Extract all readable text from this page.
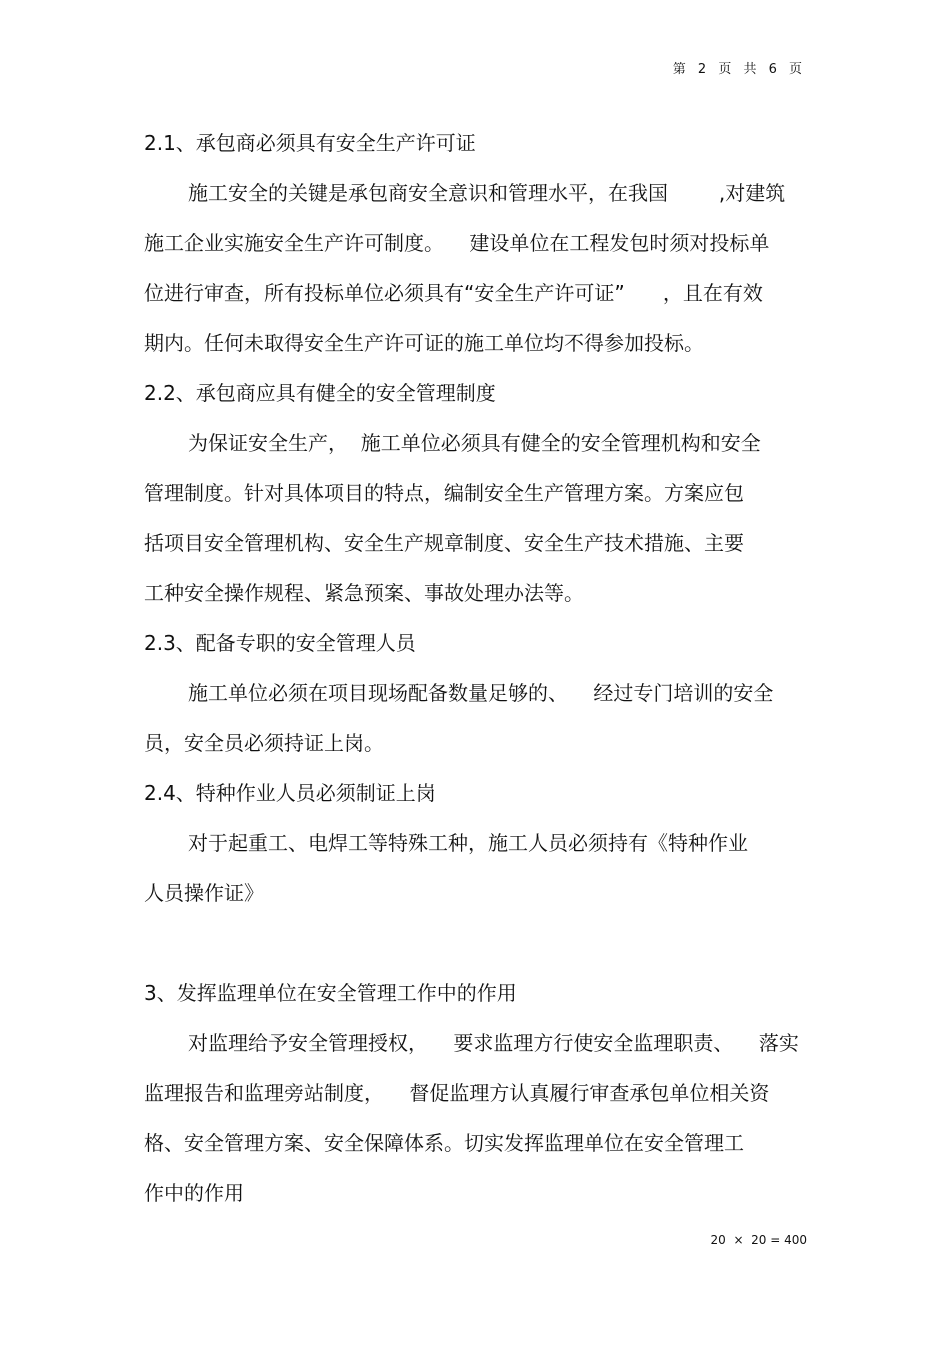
第 2 页 共 6 页
2.1、承包商必须具有安全生产许可证
施工安全的关键是承包商安全意识和管理水平，在我国        ,对建筑
施工企业实施安全生产许可制度。    建设单位在工程发包时须对投标单
位进行审查，所有投标单位必须具有“安全生产许可证”      ，且在有效
期内。任何未取得安全生产许可证的施工单位均不得参加投标。
2.2、承包商应具有健全的安全管理制度
为保证安全生产，  施工单位必须具有健全的安全管理机构和安全
管理制度。针对具体项目的特点，编制安全生产管理方案。方案应包
括项目安全管理机构、安全生产规章制度、安全生产技术措施、主要
工种安全操作规程、紧急预案、事故处理办法等。
2.3、配备专职的安全管理人员
施工单位必须在项目现场配备数量足够的、    经过专门培训的安全
员，安全员必须持证上岗。
2.4、特种作业人员必须制证上岗
对于起重工、电焊工等特殊工种，施工人员必须持有《特种作业
人员操作证》
3、发挥监理单位在安全管理工作中的作用
对监理给予安全管理授权，    要求监理方行使安全监理职责、    落实
监理报告和监理旁站制度，    督促监理方认真履行审查承包单位相关资
格、安全管理方案、安全保障体系。切实发挥监理单位在安全管理工
作中的作用
20  ×  20 = 400
